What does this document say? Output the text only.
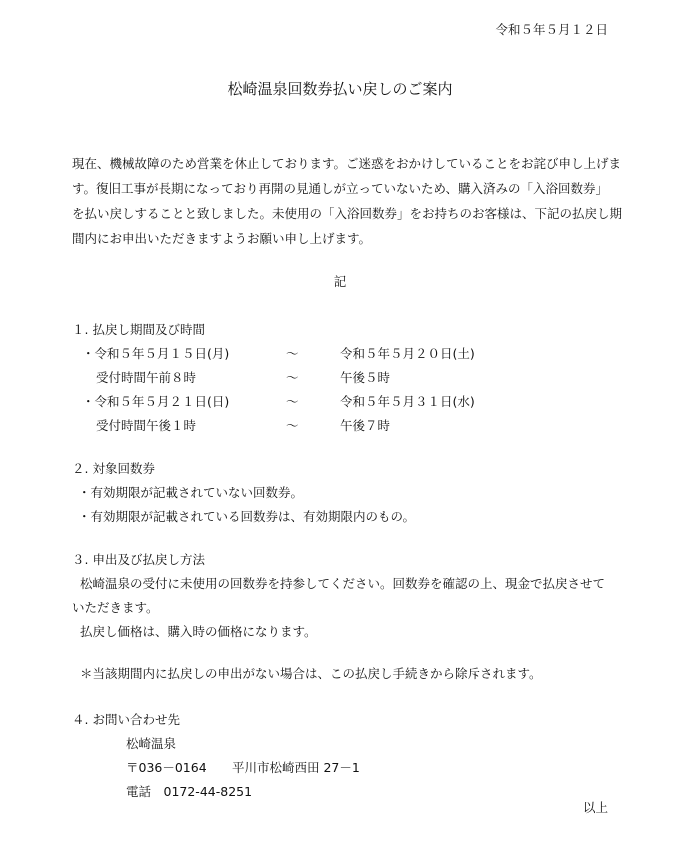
令和５年５月１２日
松崎温泉回数券払い戻しのご案内
現在、機械故障のため営業を休止しております。ご迷惑をおかけしていることをお詫び申し上げま
す。復旧工事が長期になっており再開の見通しが立っていないため、購入済みの「入浴回数券」
を払い戻しすることと致しました。未使用の「入浴回数券」をお持ちのお客様は、下記の払戻し期
間内にお申出いただきますようお願い申し上げます。
記
１. 払戻し期間及び時間
・令和５年５月１５日(月)	～	令和５年５月２０日(土)
受付時間午前８時	～	午後５時
・令和５年５月２１日(日)	～	令和５年５月３１日(水)
受付時間午後１時	～	午後７時
２. 対象回数券
・有効期限が記載されていない回数券。
・有効期限が記載されている回数券は、有効期限内のもの。
３. 申出及び払戻し方法
松崎温泉の受付に未使用の回数券を持参してください。回数券を確認の上、現金で払戻させて
いただきます。
払戻し価格は、購入時の価格になります。
＊当該期間内に払戻しの申出がない場合は、この払戻し手続きから除斥されます。
４. お問い合わせ先
松崎温泉
〒036－0164 平川市松崎西田 27－1
電話　0172-44-8251
以上
